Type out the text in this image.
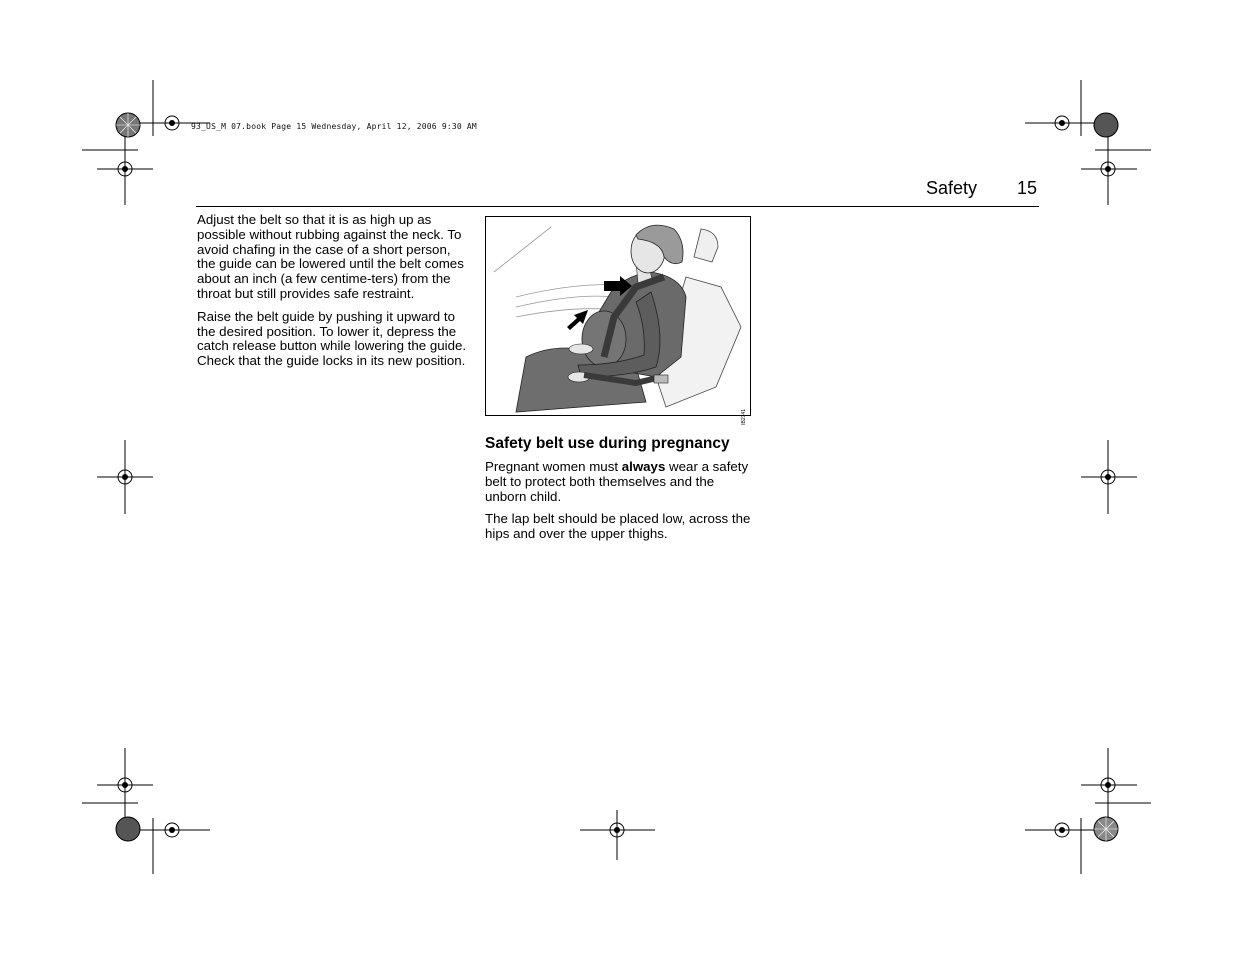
93_US_M 07.book Page 15 Wednesday, April 12, 2006 9:30 AM
Safety 15

Adjust the belt so that it is as high up as possible without rubbing against the neck. To avoid chafing in the case of a short person, the guide can be lowered until the belt comes about an inch (a few centime-ters) from the throat but still provides safe restraint.

Raise the belt guide by pushing it upward to the desired position. To lower it, depress the catch release button while lowering the guide. Check that the guide locks in its new position.

IB2141
Safety belt use during pregnancy

Pregnant women must always wear a safety belt to protect both themselves and the unborn child.

The lap belt should be placed low, across the hips and over the upper thighs.
